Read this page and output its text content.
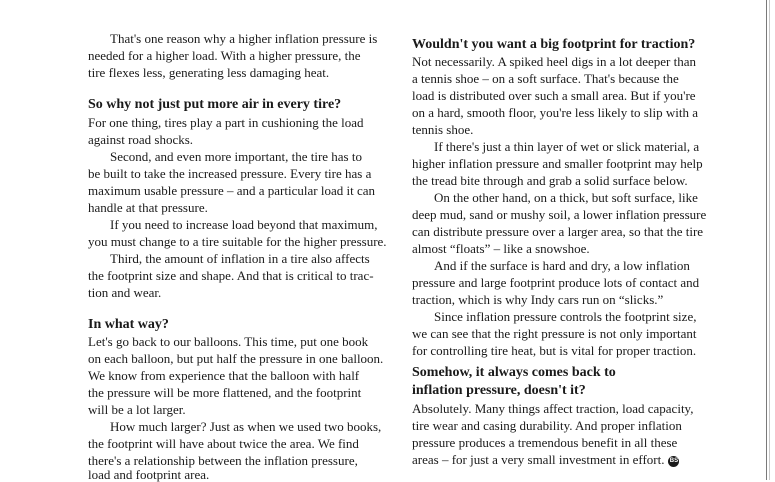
That's one reason why a higher inflation pressure is
needed for a higher load. With a higher pressure, the
tire flexes less, generating less damaging heat.
So why not just put more air in every tire?
For one thing, tires play a part in cushioning the load
against road shocks.
Second, and even more important, the tire has to
be built to take the increased pressure. Every tire has a
maximum usable pressure – and a particular load it can
handle at that pressure.
If you need to increase load beyond that maximum,
you must change to a tire suitable for the higher pressure.
Third, the amount of inflation in a tire also affects
the footprint size and shape. And that is critical to trac-
tion and wear.
In what way?
Let's go back to our balloons. This time, put one book
on each balloon, but put half the pressure in one balloon.
We know from experience that the balloon with half
the pressure will be more flattened, and the footprint
will be a lot larger.
How much larger? Just as when we used two books,
the footprint will have about twice the area. We find
there's a relationship between the inflation pressure,
load and footprint area.
Wouldn't you want a big footprint for traction?
Not necessarily. A spiked heel digs in a lot deeper than
a tennis shoe – on a soft surface. That's because the
load is distributed over such a small area. But if you're
on a hard, smooth floor, you're less likely to slip with a
tennis shoe.
If there's just a thin layer of wet or slick material, a
higher inflation pressure and smaller footprint may help
the tread bite through and grab a solid surface below.
On the other hand, on a thick, but soft surface, like
deep mud, sand or mushy soil, a lower inflation pressure
can distribute pressure over a larger area, so that the tire
almost “floats” – like a snowshoe.
And if the surface is hard and dry, a low inflation
pressure and large footprint produce lots of contact and
traction, which is why Indy cars run on “slicks.”
Since inflation pressure controls the footprint size,
we can see that the right pressure is not only important
for controlling tire heat, but is vital for proper traction.
Somehow, it always comes back to
inflation pressure, doesn't it?
Absolutely. Many things affect traction, load capacity,
tire wear and casing durability. And proper inflation
pressure produces a tremendous benefit in all these
areas – for just a very small investment in effort. BS
